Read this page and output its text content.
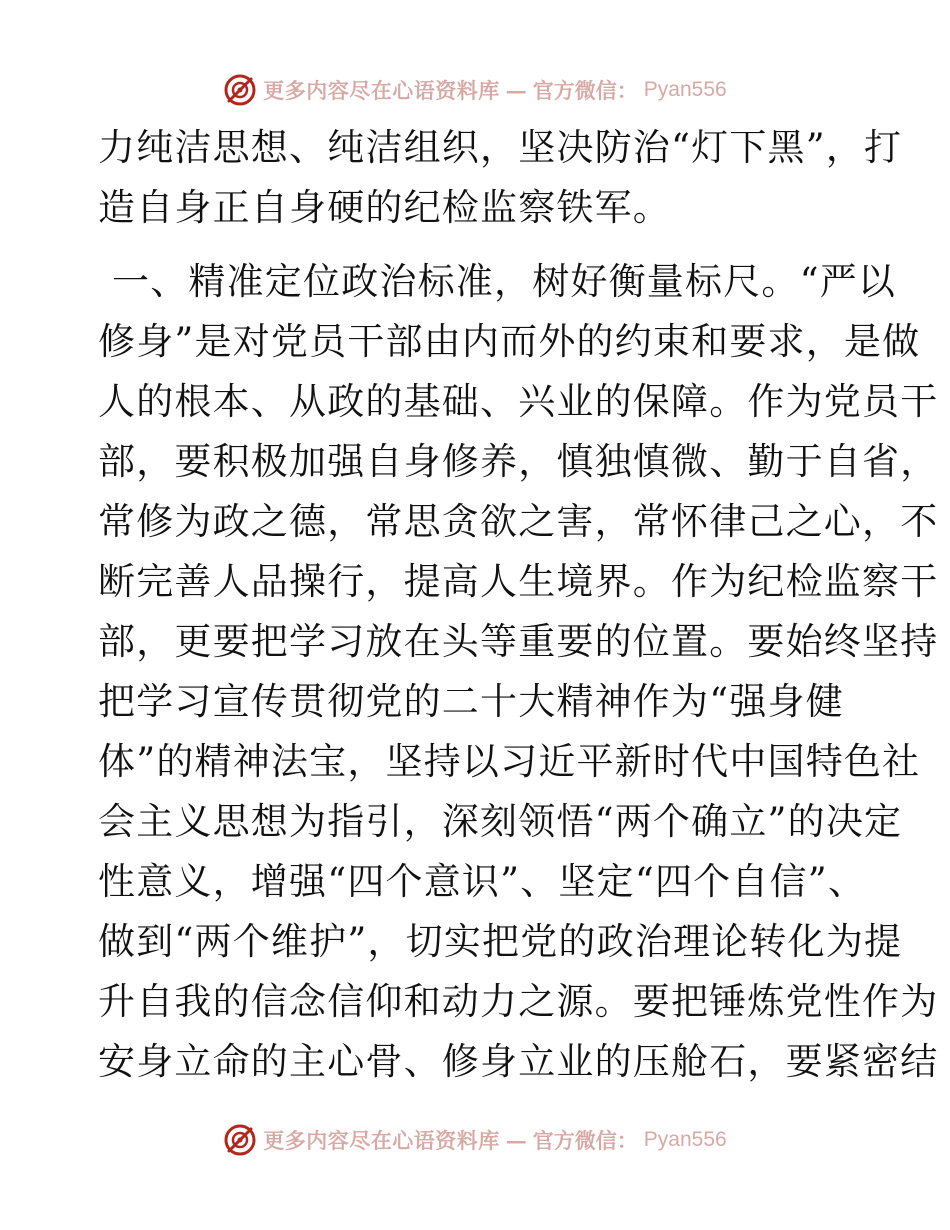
更多内容尽在心语资料库 — 官方微信： Pyan556
力纯洁思想、纯洁组织，坚决防治“灯下黑”，打
造自身正自身硬的纪检监察铁军。
一、精准定位政治标准，树好衡量标尺。“严以
修身”是对党员干部由内而外的约束和要求，是做
人的根本、从政的基础、兴业的保障。作为党员干
部，要积极加强自身修养，慎独慎微、勤于自省，
常修为政之德，常思贪欲之害，常怀律己之心，不
断完善人品操行，提高人生境界。作为纪检监察干
部，更要把学习放在头等重要的位置。要始终坚持
把学习宣传贯彻党的二十大精神作为“强身健
体”的精神法宝，坚持以习近平新时代中国特色社
会主义思想为指引，深刻领悟“两个确立”的决定
性意义，增强“四个意识”、坚定“四个自信”、
做到“两个维护”，切实把党的政治理论转化为提
升自我的信念信仰和动力之源。要把锤炼党性作为
安身立命的主心骨、修身立业的压舱石，要紧密结
更多内容尽在心语资料库 — 官方微信： Pyan556
